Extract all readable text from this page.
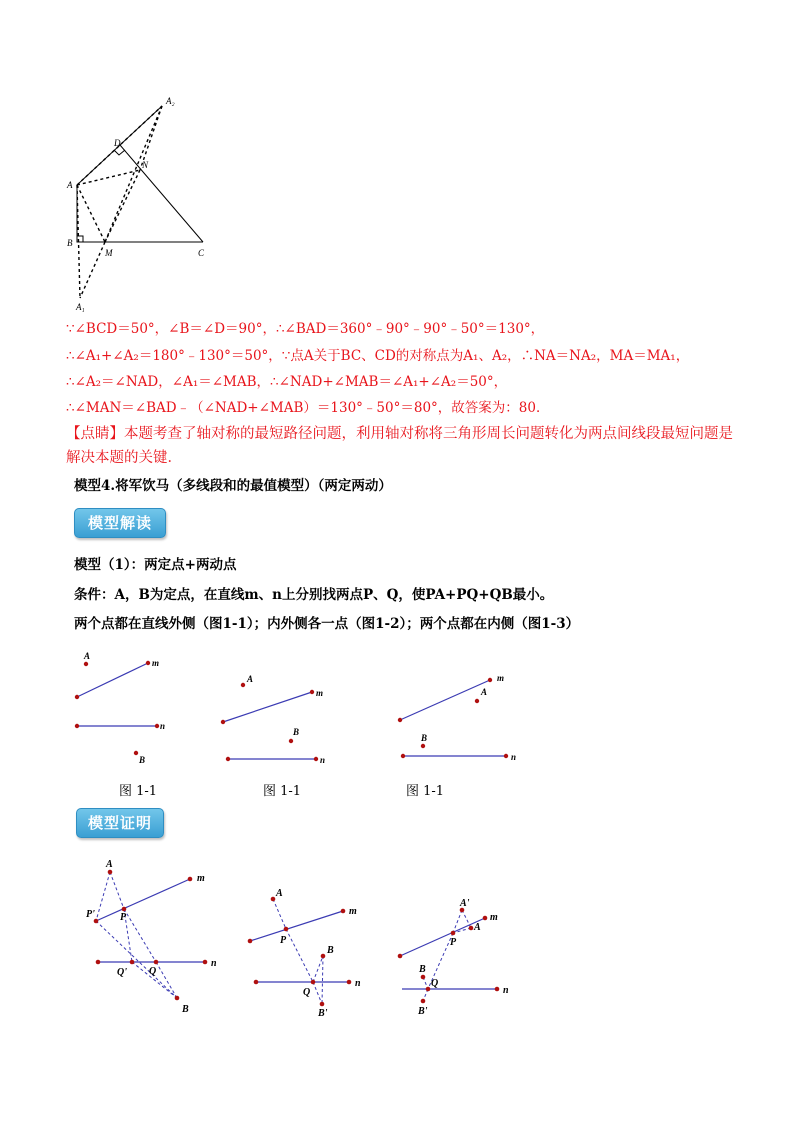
A₂
D
N
A
B
M	C
A₁
∵∠BCD＝50°，∠B＝∠D＝90°，∴∠BAD＝360°﹣90°﹣90°﹣50°＝130°，
∴∠A₁+∠A₂＝180°﹣130°＝50°，∵点A关于BC、CD的对称点为A₁、A₂，∴NA＝NA₂，MA＝MA₁，
∴∠A₂＝∠NAD，∠A₁＝∠MAB，∴∠NAD+∠MAB＝∠A₁+∠A₂＝50°，
∴∠MAN＝∠BAD﹣（∠NAD+∠MAB）＝130°﹣50°＝80°，故答案为：80．
【点睛】本题考查了轴对称的最短路径问题，利用轴对称将三角形周长问题转化为两点间线段最短问题是
解决本题的关键．
模型4.将军饮马（多线段和的最值模型）（两定两动）
模型解读
模型（1）：两定点+两动点
条件：A，B为定点，在直线m、n上分别找两点P、Q，使PA+PQ+QB最小。
两个点都在直线外侧（图1-1）；内外侧各一点（图1-2）；两个点都在内侧（图1-3）
A
m
n
B
A
m
B
n
m
A
B
n
图 1-1	图 1-1	图 1-1
模型证明
A
m
P'	P
Q' Q
n
B
A
m
P
B
n
Q
B'
A'
m
A
P
B
Q
n
B'
